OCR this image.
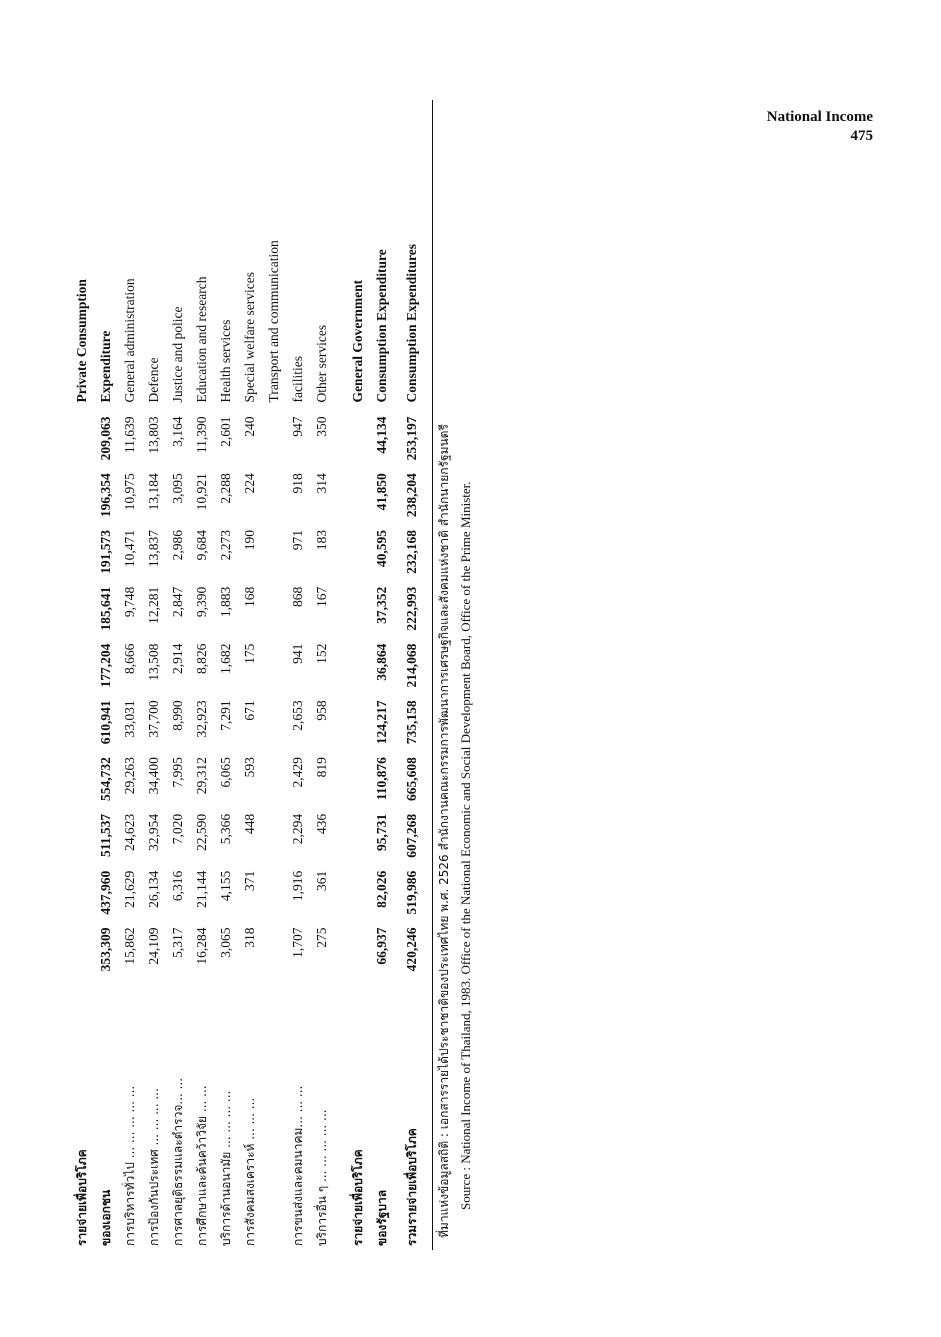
National Income
475
รายจ่ายเพื่อบริโภค											Private Consumption
ของเอกชน	353,309	437,960	511,537	554,732	610,941	177,204	185,641	191,573	196,354	209,063	Expenditure
การบริหารทั่วไป ... ... ... ... ...	15,862	21,629	24,623	29,263	33,031	8,666	9,748	10,471	10,975	11,639	General administration
การป้องกันประเทศ ... ... ... ...	24,109	26,134	32,954	34,400	37,700	13,508	12,281	13,837	13,184	13,803	Defence
การศาลยุติธรรมและตำรวจ... ...	5,317	6,316	7,020	7,995	8,990	2,914	2,847	2,986	3,095	3,164	Justice and police
การศึกษาและค้นคว้าวิจัย ... ...	16,284	21,144	22,590	29,312	32,923	8,826	9,390	9,684	10,921	11,390	Education and research
บริการด้านอนามัย ... ... ... ...	3,065	4,155	5,366	6,065	7,291	1,682	1,883	2,273	2,288	2,601	Health services
การสังคมสงเคราะห์ ... ... ...	318	371	448	593	671	175	168	190	224	240	Special welfare services
											Transport and communication
การขนส่งและคมนาคม... ... ...	1,707	1,916	2,294	2,429	2,653	941	868	971	918	947	facilities
บริการอื่น ๆ ... ... ... ... ...	275	361	436	819	958	152	167	183	314	350	Other services

รายจ่ายเพื่อบริโภค											General Government
ของรัฐบาล	66,937	82,026	95,731	110,876	124,217	36,864	37,352	40,595	41,850	44,134	Consumption Expenditure
รวมรายจ่ายเพื่อบริโภค	420,246	519,986	607,268	665,608	735,158	214,068	222,993	232,168	238,204	253,197	Consumption Expenditures
ที่มาแห่งข้อมูลสถิติ : เอกสารรายได้ประชาชาติของประเทศไทย พ.ศ. 2526 สำนักงานคณะกรรมการพัฒนาการเศรษฐกิจและสังคมแห่งชาติ สำนักนายกรัฐมนตรี Source : National Income of Thailand, 1983. Office of the National Economic and Social Development Board, Office of the Prime Minister.
